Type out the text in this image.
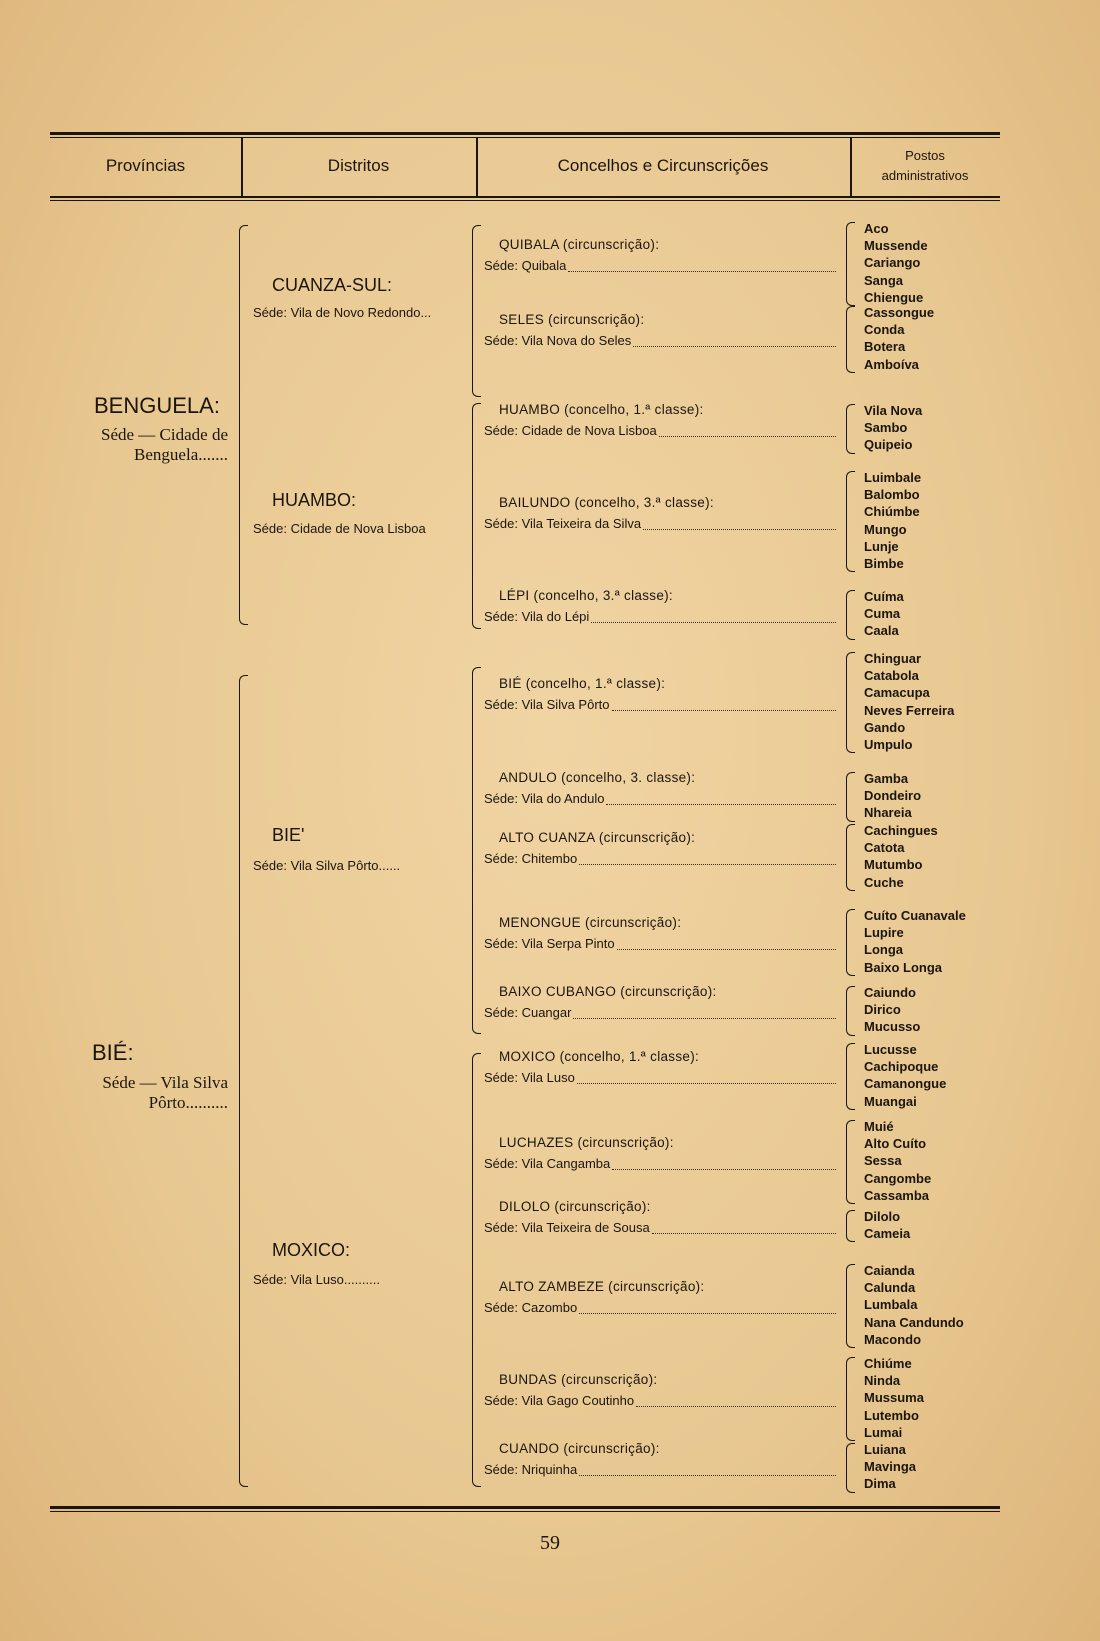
Províncias	Distritos	Concelhos e Circunscrições
Postos
administrativos
BENGUELA:
Séde — Cidade de
Benguela.......
BIÉ:
Séde — Vila Silva
Pôrto..........
CUANZA-SUL:
Séde: Vila de Novo Redondo...
HUAMBO:
Séde: Cidade de Nova Lisboa
BIE'
Séde: Vila Silva Pôrto......
MOXICO:
Séde: Vila Luso..........
QUIBALA (circunscrição):
Séde: Quibala
Aco
Mussende
Cariango
Sanga
Chiengue
SELES (circunscrição):
Séde: Vila Nova do Seles
Cassongue
Conda
Botera
Amboíva
HUAMBO (concelho, 1.ª classe):
Séde: Cidade de Nova Lisboa
Vila Nova
Sambo
Quipeio
BAILUNDO (concelho, 3.ª classe):
Séde: Vila Teixeira da Silva
Luimbale
Balombo
Chiúmbe
Mungo
Lunje
Bimbe
LÉPI (concelho, 3.ª classe):
Séde: Vila do Lépi
Cuíma
Cuma
Caala
BIÉ (concelho, 1.ª classe):
Séde: Vila Silva Pôrto
Chinguar
Catabola
Camacupa
Neves Ferreira
Gando
Umpulo
ANDULO (concelho, 3. classe):
Séde: Vila do Andulo
Gamba
Dondeiro
Nhareia
ALTO CUANZA (circunscrição):
Séde: Chitembo
Cachingues
Catota
Mutumbo
Cuche
MENONGUE (circunscrição):
Séde: Vila Serpa Pinto
Cuíto Cuanavale
Lupire
Longa
Baixo Longa
BAIXO CUBANGO (circunscrição):
Séde: Cuangar
Caiundo
Dirico
Mucusso
MOXICO (concelho, 1.ª classe):
Séde: Vila Luso
Lucusse
Cachipoque
Camanongue
Muangai
LUCHAZES (circunscrição):
Séde: Vila Cangamba
Muié
Alto Cuíto
Sessa
Cangombe
Cassamba
DILOLO (circunscrição):
Séde: Vila Teixeira de Sousa
Dilolo
Cameia
ALTO ZAMBEZE (circunscrição):
Séde: Cazombo
Caianda
Calunda
Lumbala
Nana Candundo
Macondo
BUNDAS (circunscrição):
Séde: Vila Gago Coutinho
Chiúme
Ninda
Mussuma
Lutembo
Lumai
CUANDO (circunscrição):
Séde: Nriquinha
Luiana
Mavinga
Dima
59
